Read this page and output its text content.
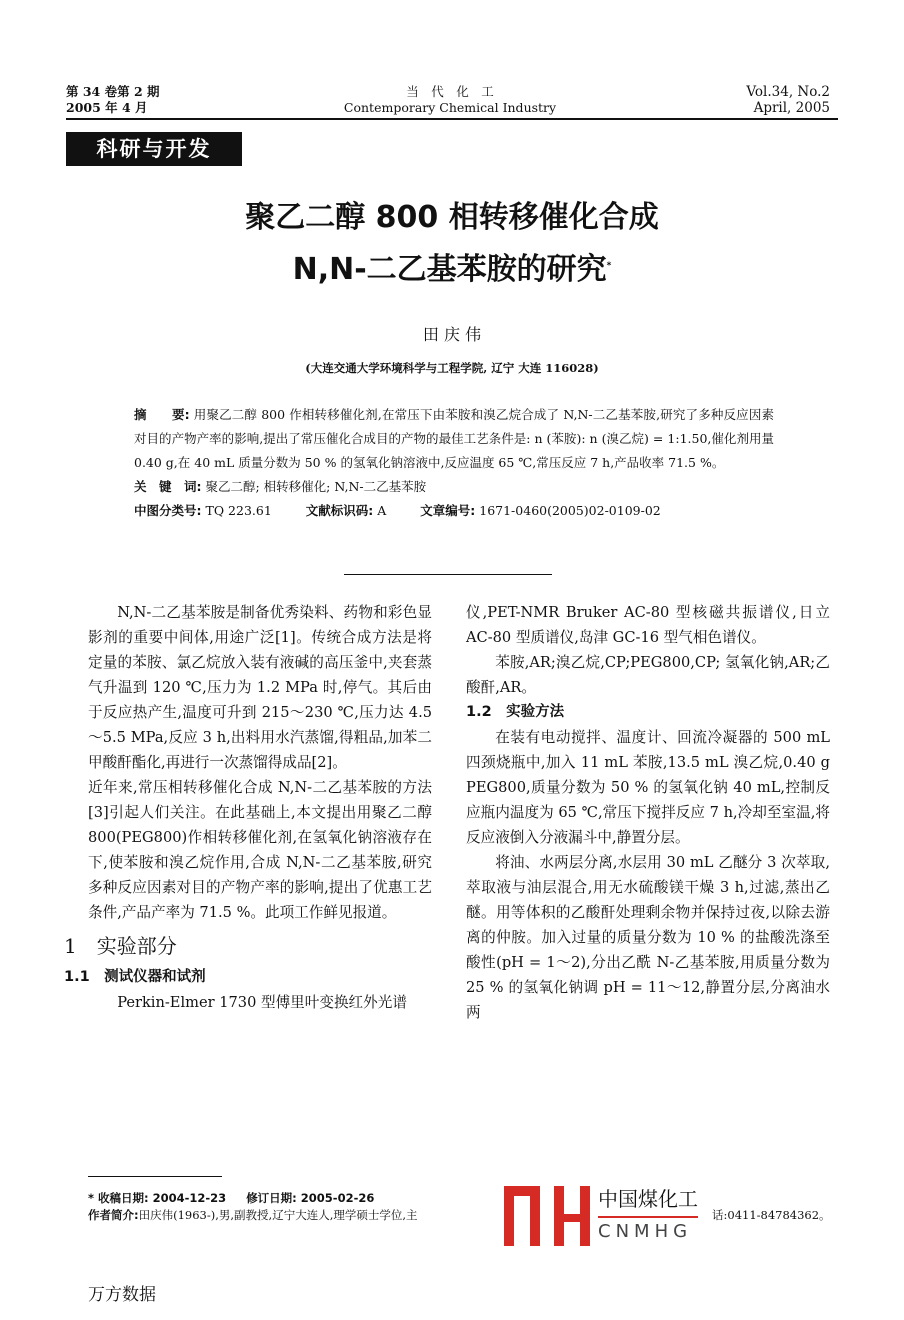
第 34 卷第 2 期
2005 年 4 月
当　代　化　工
Contemporary Chemical Industry
Vol.34, No.2
April, 2005
科研与开发
聚乙二醇 800 相转移催化合成
N,N-二乙基苯胺的研究*
田 庆 伟
(大连交通大学环境科学与工程学院, 辽宁 大连 116028)
摘　　要: 用聚乙二醇 800 作相转移催化剂,在常压下由苯胺和溴乙烷合成了 N,N-二乙基苯胺,研究了多种反应因素对目的产物产率的影响,提出了常压催化合成目的产物的最佳工艺条件是: n (苯胺): n (溴乙烷) = 1:1.50,催化剂用量 0.40 g,在 40 mL 质量分数为 50 % 的氢氧化钠溶液中,反应温度 65 ℃,常压反应 7 h,产品收率 71.5 %。
关　键　词: 聚乙二醇; 相转移催化; N,N-二乙基苯胺
中图分类号: TQ 223.61	文献标识码: A	文章编号: 1671-0460(2005)02-0109-02

N,N-二乙基苯胺是制备优秀染料、药物和彩色显影剂的重要中间体,用途广泛[1]。传统合成方法是将定量的苯胺、氯乙烷放入装有液碱的高压釜中,夹套蒸气升温到 120 ℃,压力为 1.2 MPa 时,停气。其后由于反应热产生,温度可升到 215～230 ℃,压力达 4.5～5.5 MPa,反应 3 h,出料用水汽蒸馏,得粗品,加苯二甲酸酐酯化,再进行一次蒸馏得成品[2]。

近年来,常压相转移催化合成 N,N-二乙基苯胺的方法[3]引起人们关注。在此基础上,本文提出用聚乙二醇 800(PEG800)作相转移催化剂,在氢氧化钠溶液存在下,使苯胺和溴乙烷作用,合成 N,N-二乙基苯胺,研究多种反应因素对目的产物产率的影响,提出了优惠工艺条件,产品产率为 71.5 %。此项工作鲜见报道。

1　实验部分
1.1　测试仪器和试剂

Perkin-Elmer 1730 型傅里叶变换红外光谱

仪,PET-NMR Bruker AC-80 型核磁共振谱仪,日立 AC-80 型质谱仪,岛津 GC-16 型气相色谱仪。

苯胺,AR;溴乙烷,CP;PEG800,CP; 氢氧化钠,AR;乙酸酐,AR。

1.2　实验方法

在装有电动搅拌、温度计、回流冷凝器的 500 mL 四颈烧瓶中,加入 11 mL 苯胺,13.5 mL 溴乙烷,0.40 g PEG800,质量分数为 50 % 的氢氧化钠 40 mL,控制反应瓶内温度为 65 ℃,常压下搅拌反应 7 h,冷却至室温,将反应液倒入分液漏斗中,静置分层。

将油、水两层分离,水层用 30 mL 乙醚分 3 次萃取,萃取液与油层混合,用无水硫酸镁干燥 3 h,过滤,蒸出乙醚。用等体积的乙酸酐处理剩余物并保持过夜,以除去游离的仲胺。加入过量的质量分数为 10 % 的盐酸洗涤至酸性(pH = 1～2),分出乙酰 N-乙基苯胺,用质量分数为 25 % 的氢氧化钠调 pH = 11～12,静置分层,分离油水两

* 收稿日期: 2004-12-23 修订日期: 2005-02-26
作者简介:田庆伟(1963-),男,副教授,辽宁大连人,理学硕士学位,主
中国煤化工
CNMHG
话:0411-84784362。
万方数据
